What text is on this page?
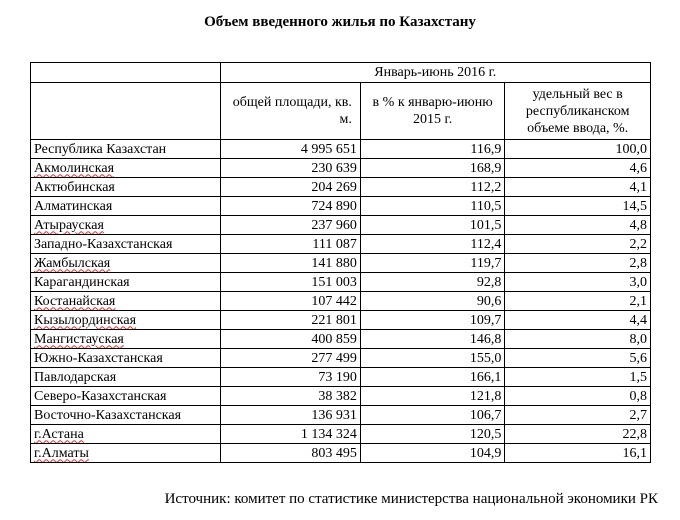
Объем введенного жилья по Казахстану
	Январь-июнь 2016 г.		
	общей площади, кв. м.	в % к январю-июню 2015 г.	удельный вес в республиканском объеме ввода, %.
Республика Казахстан	4 995 651	116,9	100,0
Акмолинская	230 639	168,9	4,6
Актюбинская	204 269	112,2	4,1
Алматинская	724 890	110,5	14,5
Атырауская	237 960	101,5	4,8
Западно-Казахстанская	111 087	112,4	2,2
Жамбылская	141 880	119,7	2,8
Карагандинская	151 003	92,8	3,0
Костанайская	107 442	90,6	2,1
Кызылординская	221 801	109,7	4,4
Мангистауская	400 859	146,8	8,0
Южно-Казахстанская	277 499	155,0	5,6
Павлодарская	73 190	166,1	1,5
Северо-Казахстанская	38 382	121,8	0,8
Восточно-Казахстанская	136 931	106,7	2,7
г.Астана	1 134 324	120,5	22,8
г.Алматы	803 495	104,9	16,1
Источник: комитет по статистике министерства национальной экономики РК
